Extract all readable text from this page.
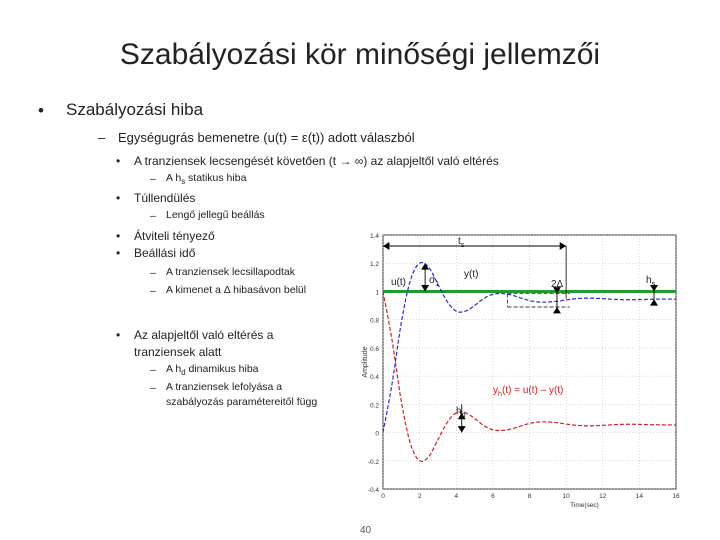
Szabályozási kör minőségi jellemzői
• Szabályozási hiba
– Egységugrás bemenetre (u(t) = ε(t)) adott válaszból
• A tranziensek lecsengését követően (t → ∞) az alapjeltől való eltérés
– A $h_s$ statikus hiba
• Túllendülés
– Lengő jellegű beállás
• Átviteli tényező
• Beállási idő
– A tranziensek lecsillapodtak
– A kimenet a Δ hibasávon belül
• Az alapjeltől való eltérés a
tranziensek alatt
– A $h_d$ dinamikus hiba
– A tranziensek lefolyása a
szabályozás paramétereitől függ
-0.4
-0.2
0
0.2
0.4
0.6
0.8
1
1.2
1.4
0	2	4	6	8	10	12	14	16
Time(sec)
Amplitude
$t_s$
$\sigma_1$	2Δ	$h_s$
$h_d$
u(t)
y(t)
$y_h(t) = u(t) - y(t)$
40
